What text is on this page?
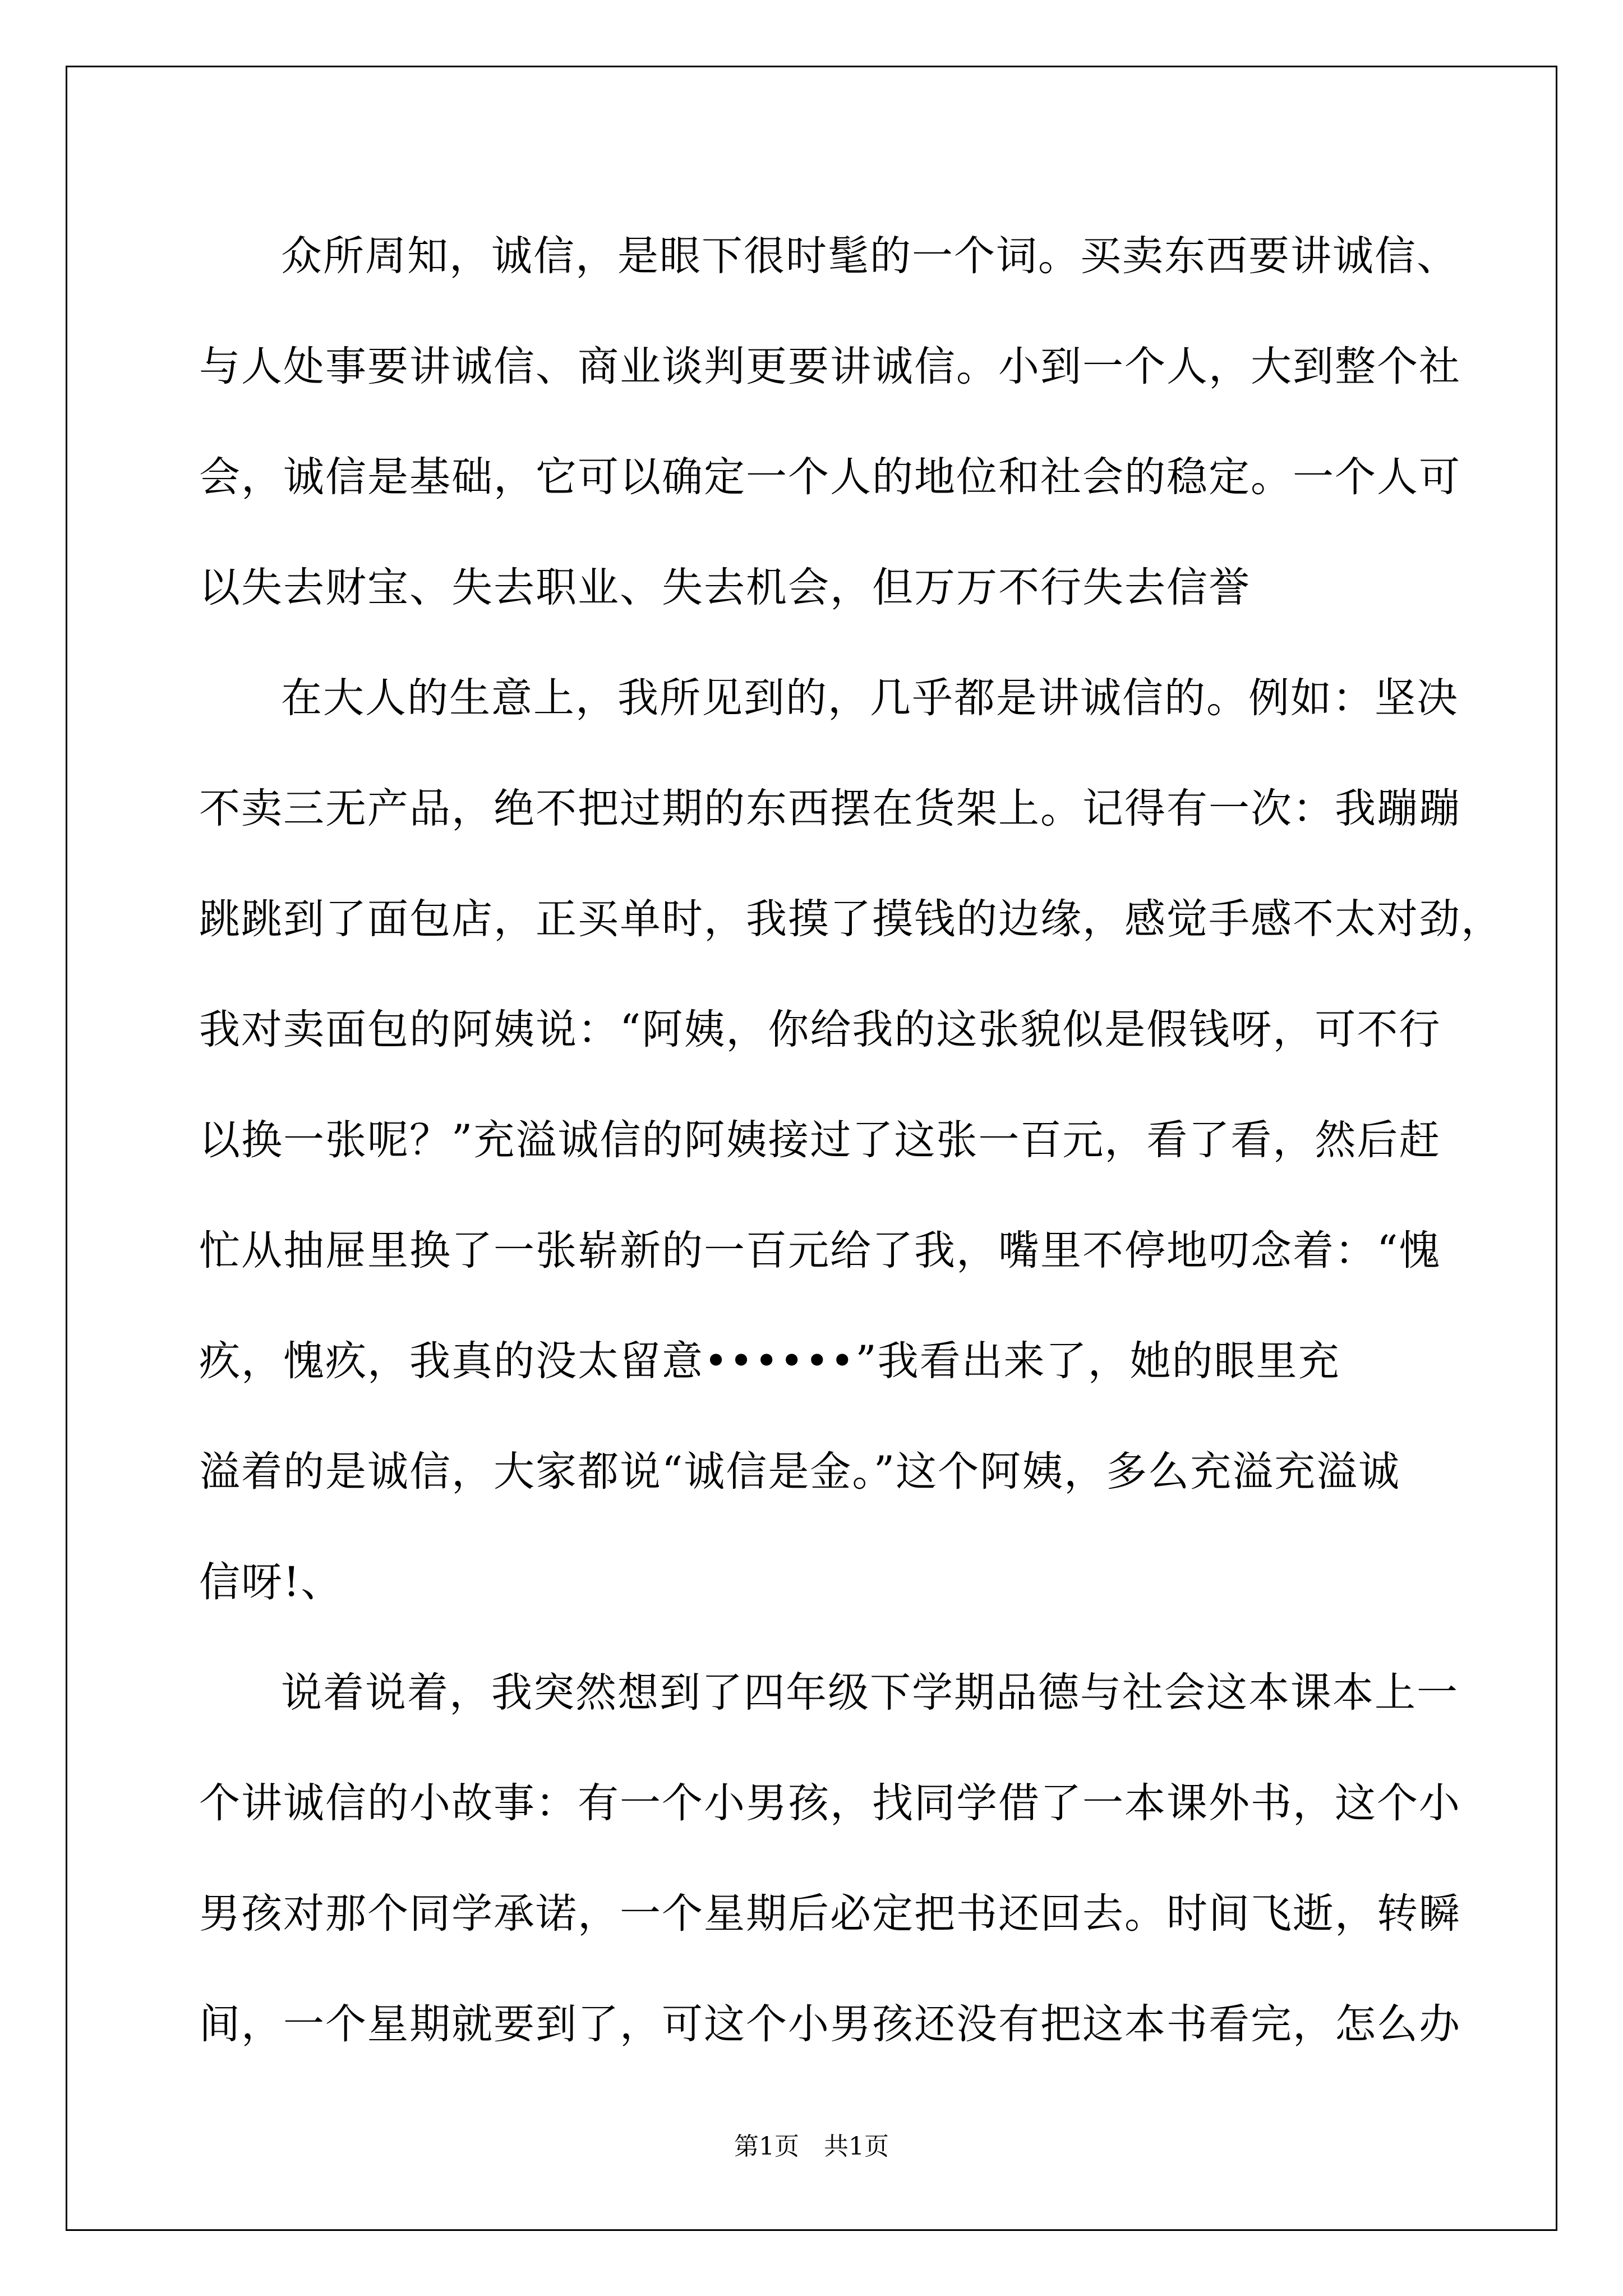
众所周知，诚信，是眼下很时髦的一个词。买卖东西要讲诚信、
与人处事要讲诚信、商业谈判更要讲诚信。小到一个人，大到整个社
会，诚信是基础，它可以确定一个人的地位和社会的稳定。一个人可
以失去财宝、失去职业、失去机会，但万万不行失去信誉
在大人的生意上，我所见到的，几乎都是讲诚信的。例如：坚决
不卖三无产品，绝不把过期的东西摆在货架上。记得有一次：我蹦蹦
跳跳到了面包店，正买单时，我摸了摸钱的边缘，感觉手感不太对劲，
我对卖面包的阿姨说：“阿姨，你给我的这张貌似是假钱呀，可不行
以换一张呢？”充溢诚信的阿姨接过了这张一百元，看了看，然后赶
忙从抽屉里换了一张崭新的一百元给了我，嘴里不停地叨念着：“愧
疚，愧疚，我真的没太留意••••••”我看出来了，她的眼里充
溢着的是诚信，大家都说“诚信是金。”这个阿姨，多么充溢充溢诚
信呀!、
说着说着，我突然想到了四年级下学期品德与社会这本课本上一
个讲诚信的小故事：有一个小男孩，找同学借了一本课外书，这个小
男孩对那个同学承诺，一个星期后必定把书还回去。时间飞逝，转瞬
间，一个星期就要到了，可这个小男孩还没有把这本书看完，怎么办
第1页　共1页
